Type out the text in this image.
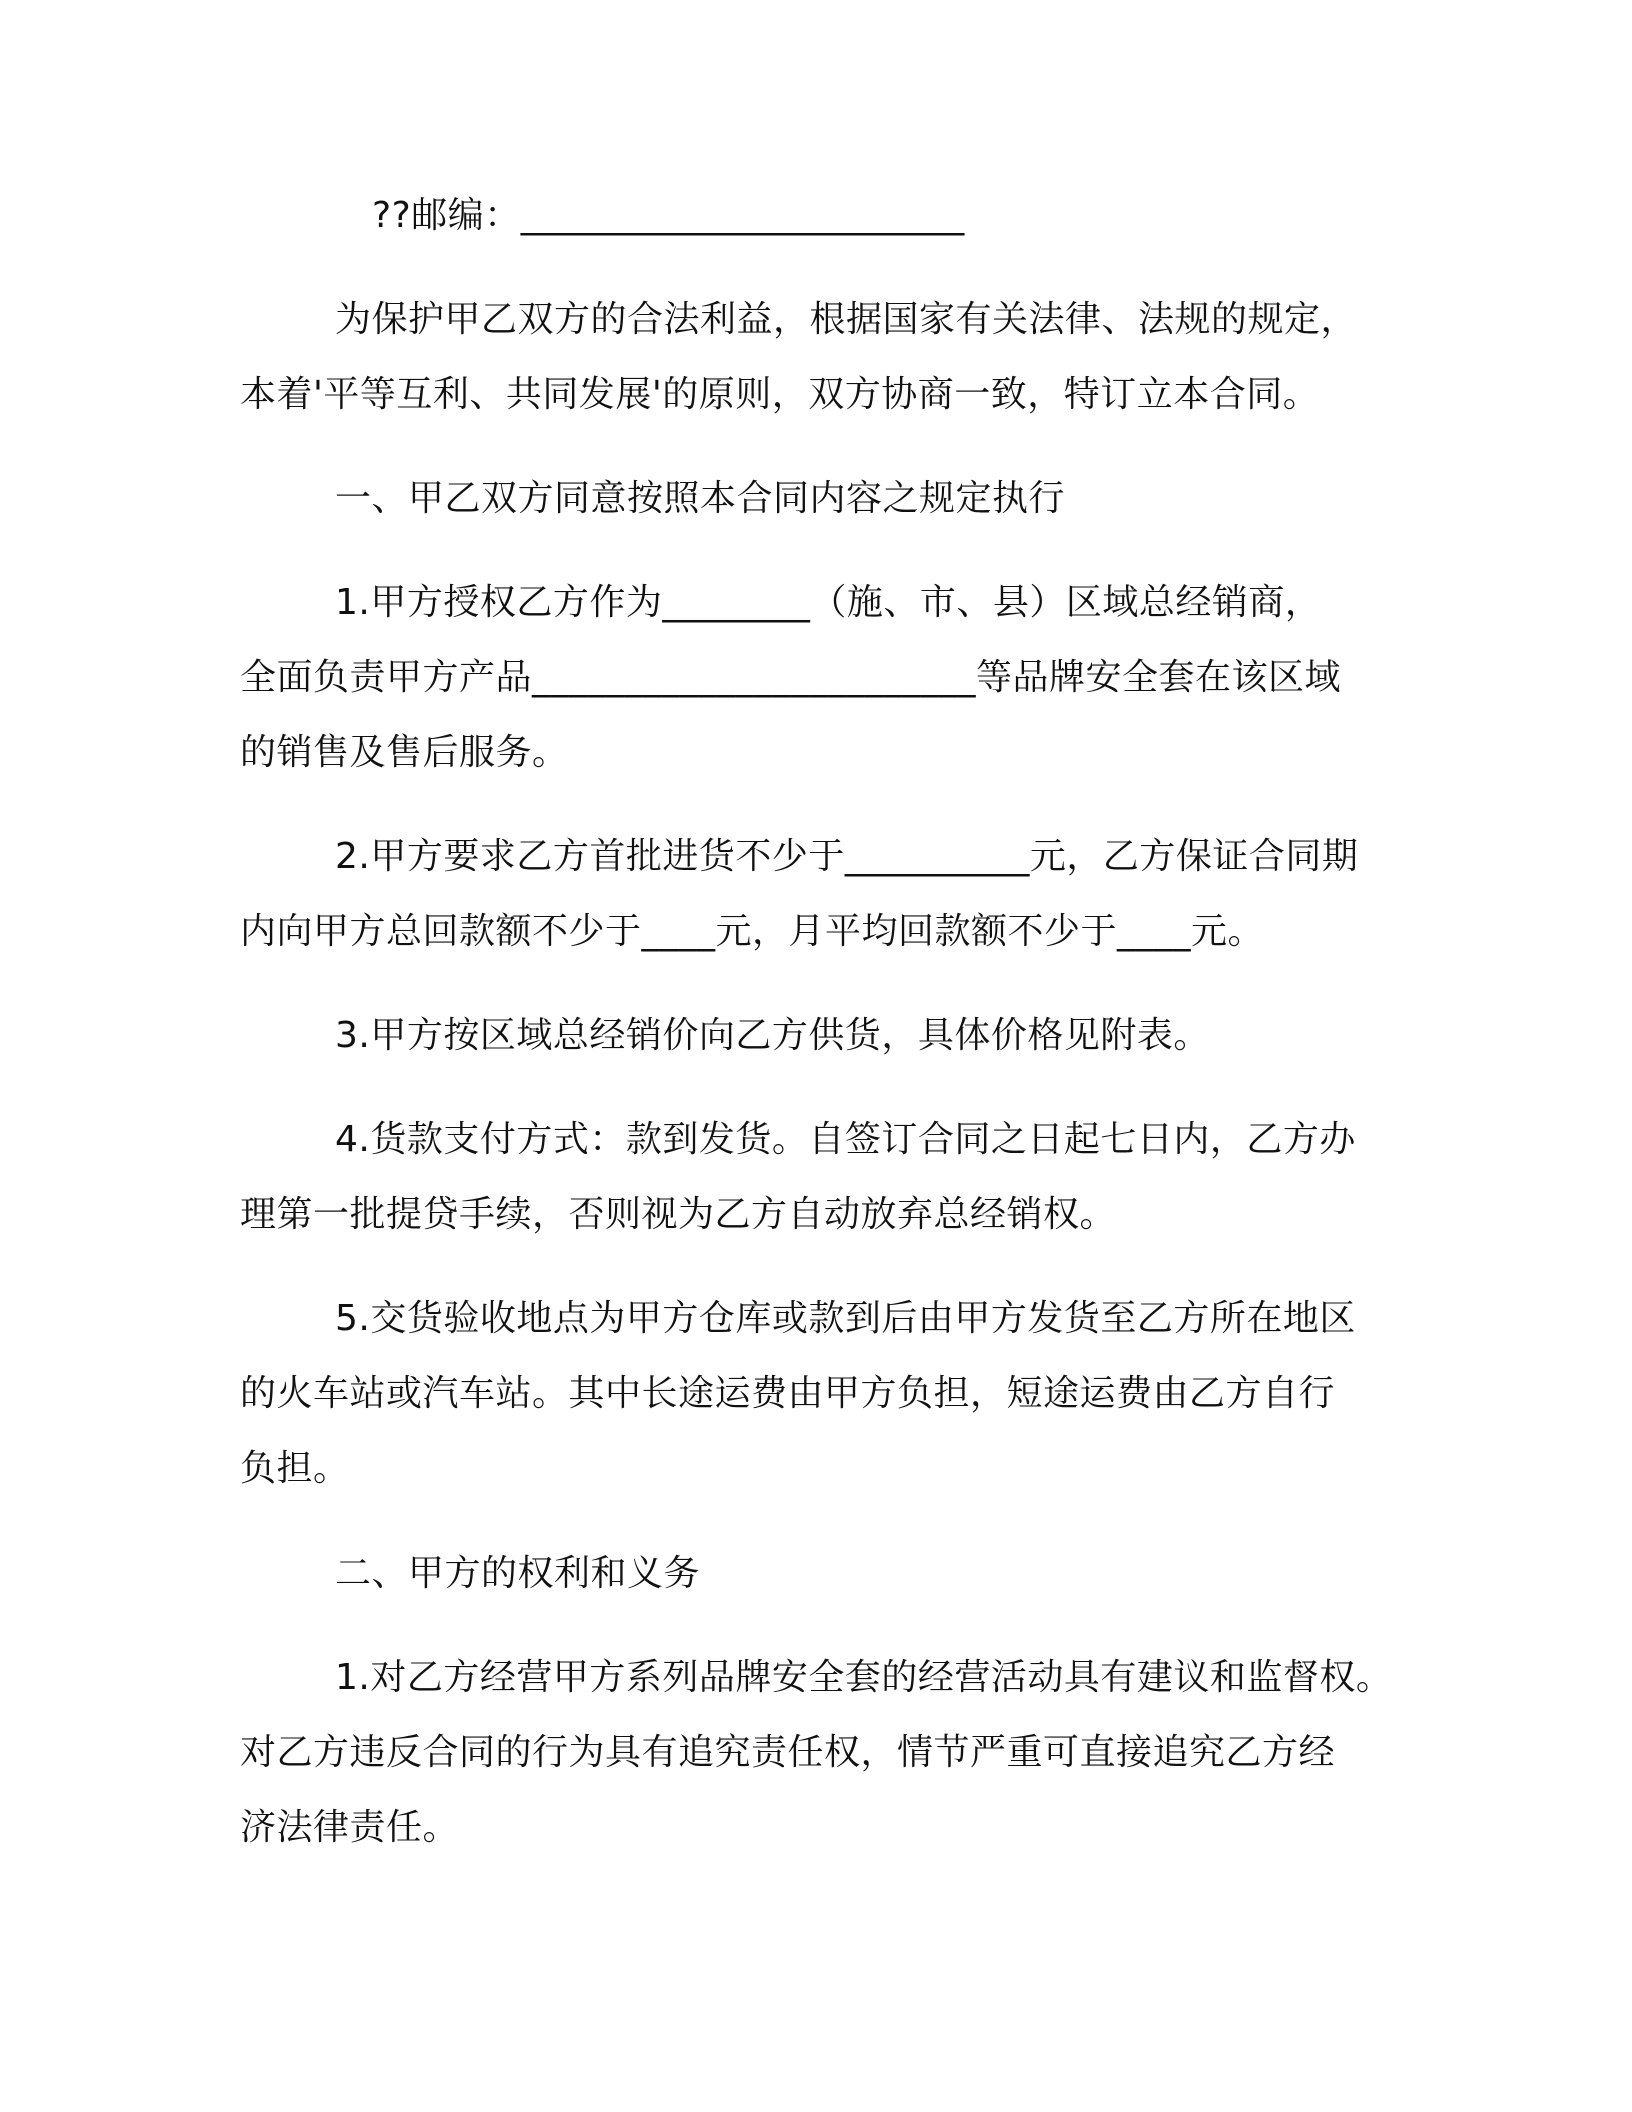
??邮编：________________________
为保护甲乙双方的合法利益，根据国家有关法律、法规的规定，
本着'平等互利、共同发展'的原则，双方协商一致，特订立本合同。
一、甲乙双方同意按照本合同内容之规定执行
1.甲方授权乙方作为________（施、市、县）区域总经销商，
全面负责甲方产品________________________等品牌安全套在该区域
的销售及售后服务。
2.甲方要求乙方首批进货不少于__________元，乙方保证合同期
内向甲方总回款额不少于____元，月平均回款额不少于____元。
3.甲方按区域总经销价向乙方供货，具体价格见附表。
4.货款支付方式：款到发货。自签订合同之日起七日内，乙方办
理第一批提贷手续，否则视为乙方自动放弃总经销权。
5.交货验收地点为甲方仓库或款到后由甲方发货至乙方所在地区
的火车站或汽车站。其中长途运费由甲方负担，短途运费由乙方自行
负担。
二、甲方的权利和义务
1.对乙方经营甲方系列品牌安全套的经营活动具有建议和监督权。
对乙方违反合同的行为具有追究责任权，情节严重可直接追究乙方经
济法律责任。
